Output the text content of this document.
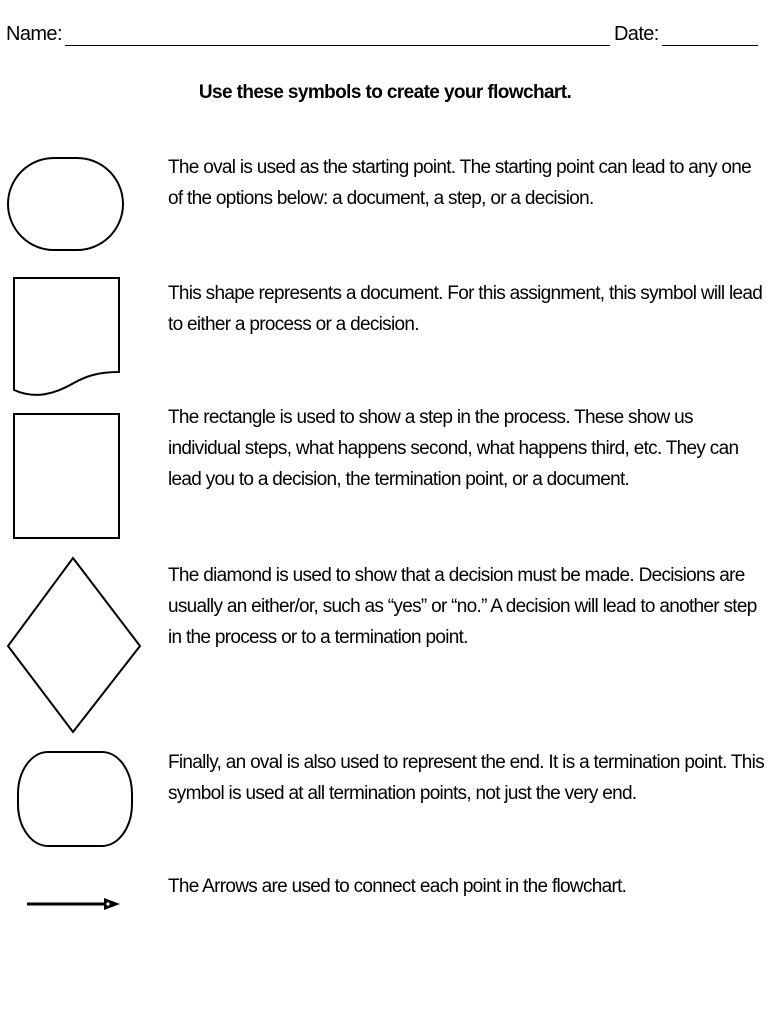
Name:	Date:
Use these symbols to create your flowchart.
The oval is used as the starting point. The starting point can lead to any one of the options below: a document, a step, or a decision.
This shape represents a document. For this assignment, this symbol will lead to either a process or a decision.
The rectangle is used to show a step in the process. These show us individual steps, what happens second, what happens third, etc. They can lead you to a decision, the termination point, or a document.
The diamond is used to show that a decision must be made. Decisions are usually an either/or, such as “yes” or “no.” A decision will lead to another step in the process or to a termination point.
Finally, an oval is also used to represent the end. It is a termination point. This symbol is used at all termination points, not just the very end.
The Arrows are used to connect each point in the flowchart.
